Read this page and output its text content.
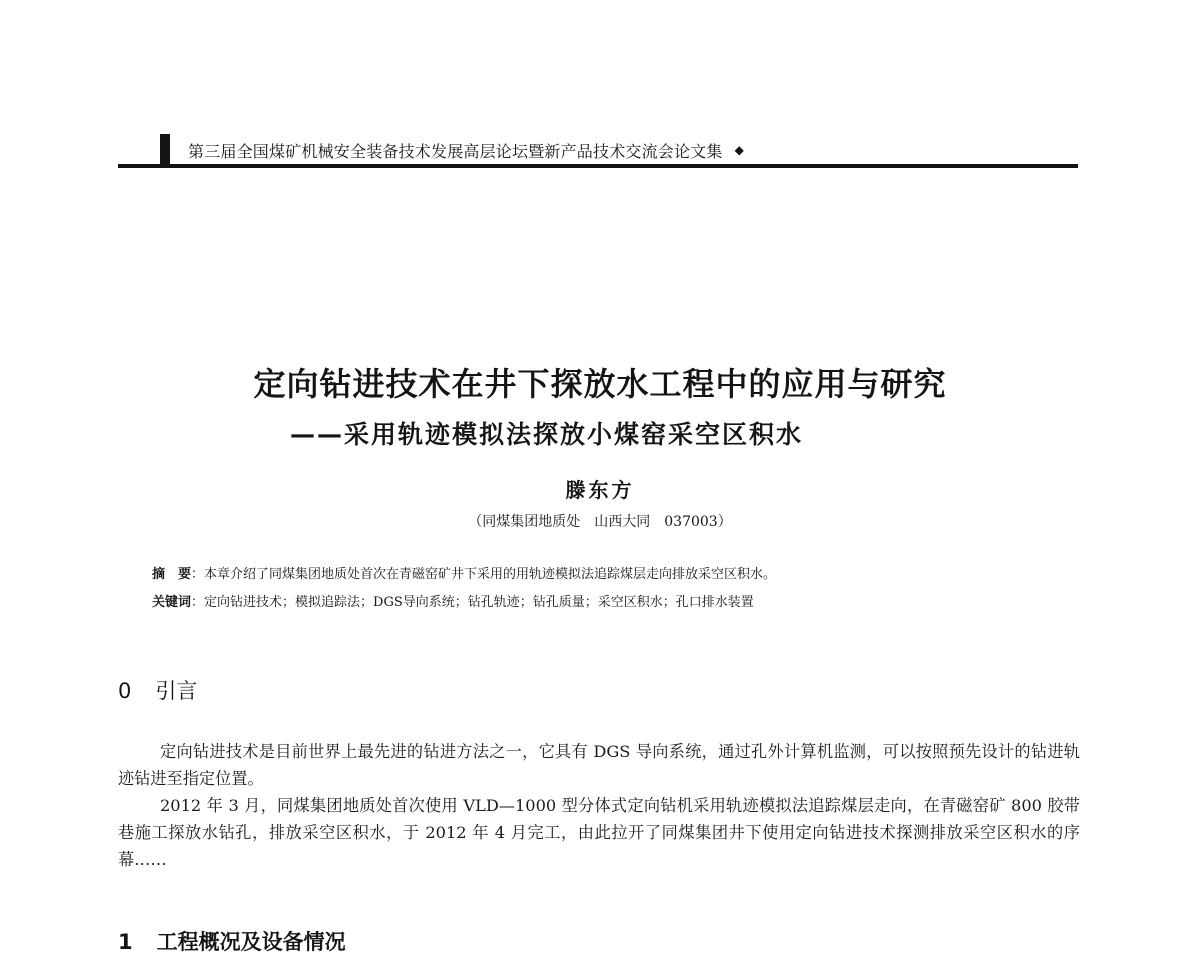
第三届全国煤矿机械安全装备技术发展高层论坛暨新产品技术交流会论文集 ◆
定向钻进技术在井下探放水工程中的应用与研究
——采用轨迹模拟法探放小煤窑采空区积水
滕东方
（同煤集团地质处　山西大同　037003）
摘　要：本章介绍了同煤集团地质处首次在青磁窑矿井下采用的用轨迹模拟法追踪煤层走向排放采空区积水。
关键词：定向钻进技术；模拟追踪法；DGS导向系统；钻孔轨迹；钻孔质量；采空区积水；孔口排水装置
0 引言

定向钻进技术是目前世界上最先进的钻进方法之一，它具有 DGS 导向系统，通过孔外计算机监测，可以按照预先设计的钻进轨迹钻进至指定位置。

2012 年 3 月，同煤集团地质处首次使用 VLD—1000 型分体式定向钻机采用轨迹模拟法追踪煤层走向，在青磁窑矿 800 胶带巷施工探放水钻孔，排放采空区积水，于 2012 年 4 月完工，由此拉开了同煤集团井下使用定向钻进技术探测排放采空区积水的序幕……

1 工程概况及设备情况
